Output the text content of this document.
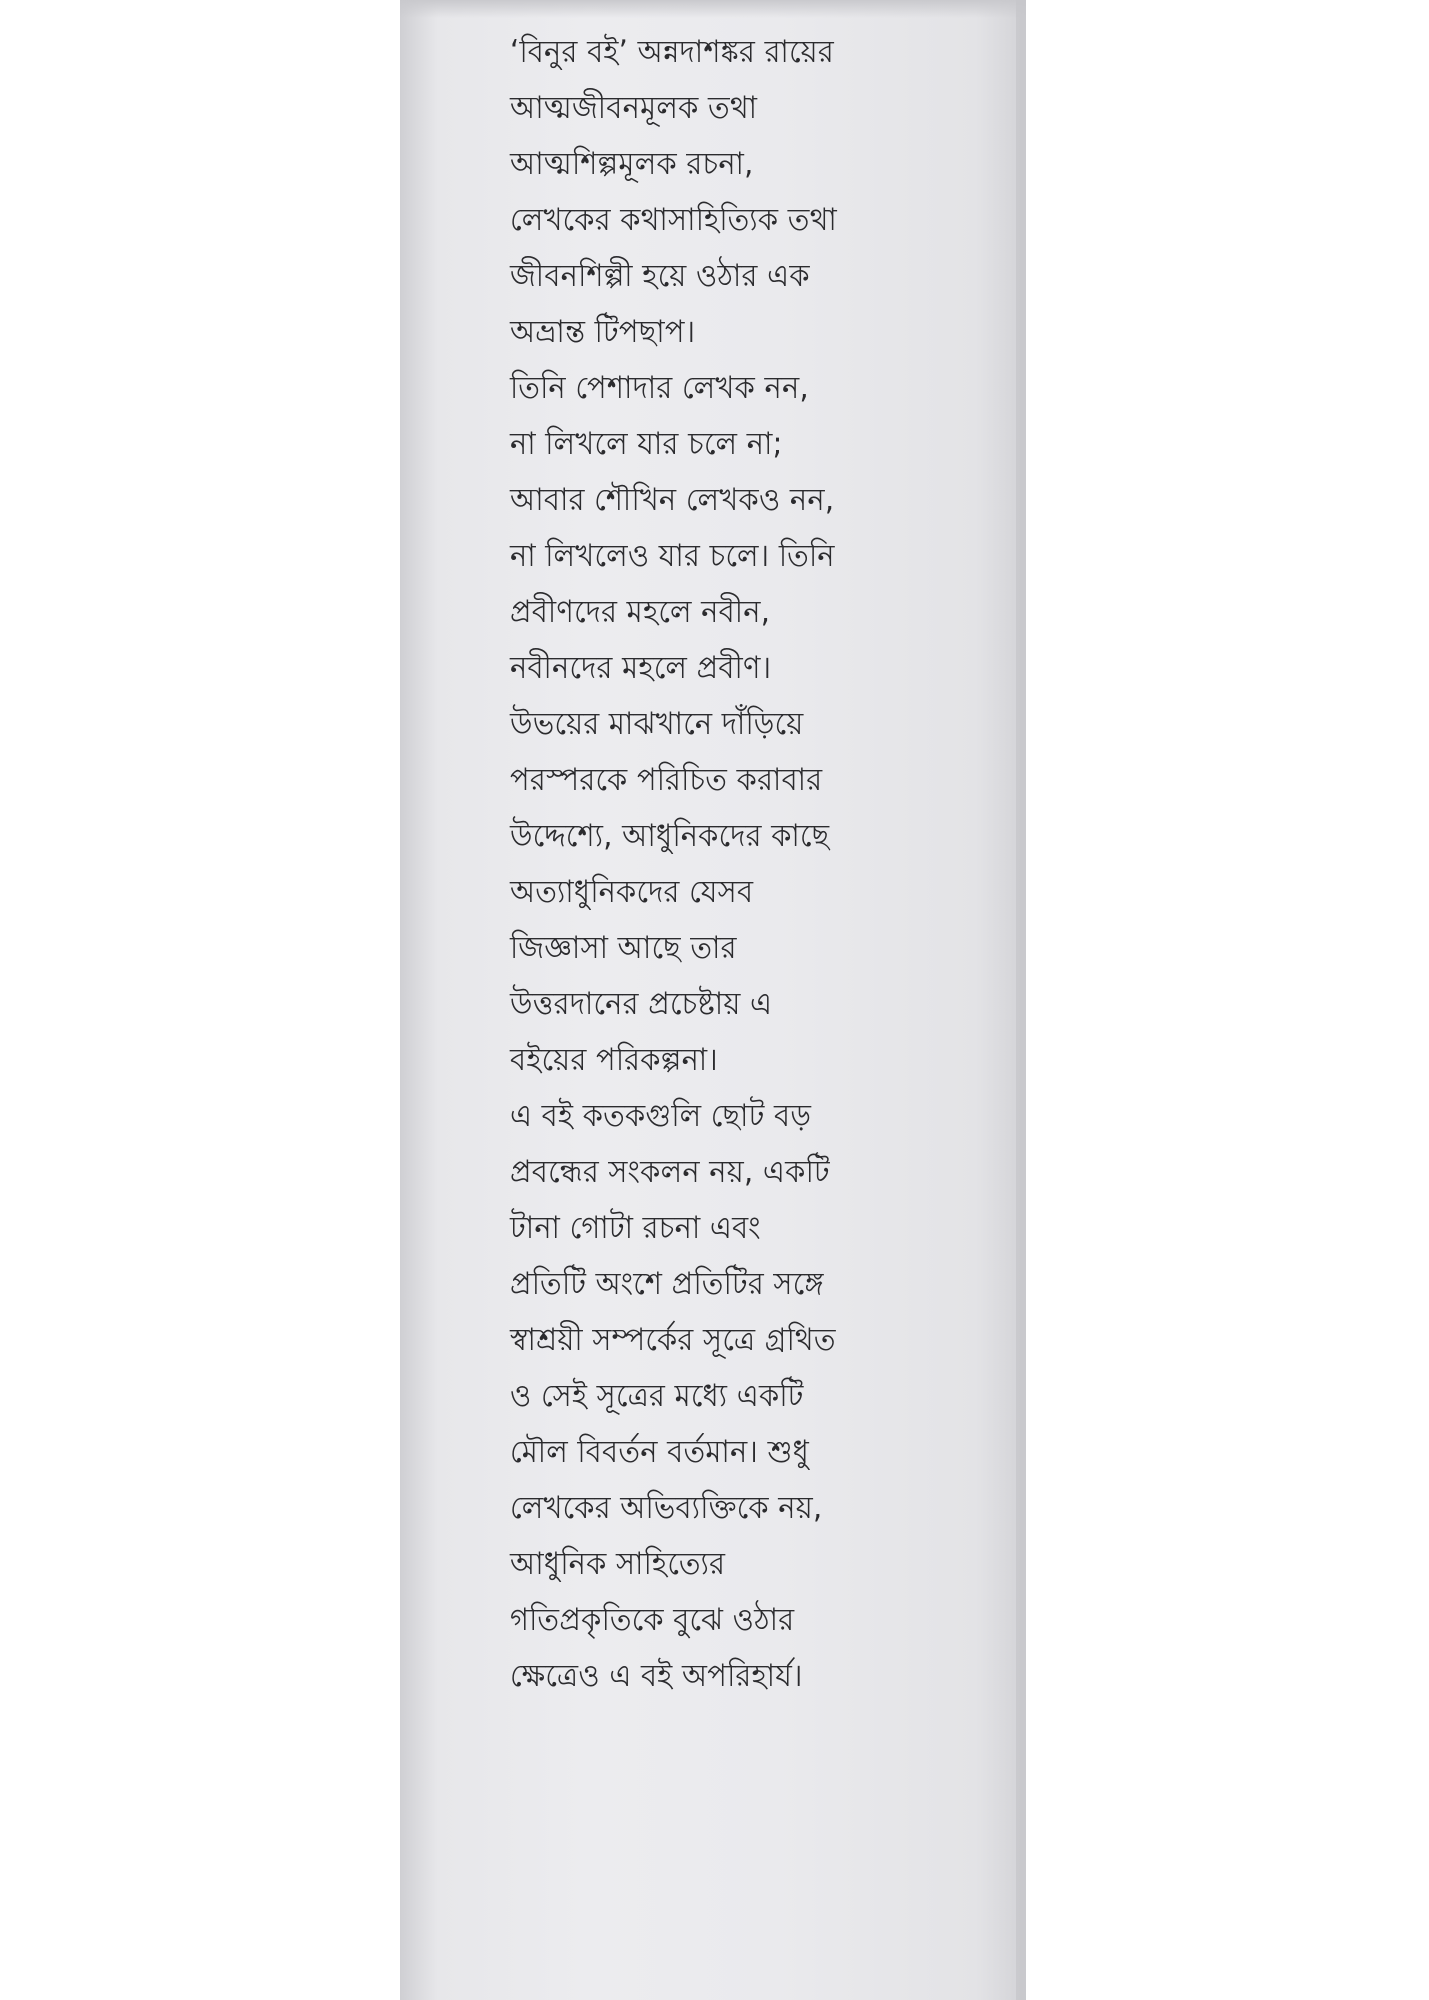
‘বিনুর বই’ অন্নদাশঙ্কর রায়ের
আত্মজীবনমূলক তথা
আত্মশিল্পমূলক রচনা,
লেখকের কথাসাহিত্যিক তথা
জীবনশিল্পী হয়ে ওঠার এক
অভ্রান্ত টিপছাপ।
তিনি পেশাদার লেখক নন,
না লিখলে যার চলে না;
আবার শৌখিন লেখকও নন,
না লিখলেও যার চলে। তিনি
প্রবীণদের মহলে নবীন,
নবীনদের মহলে প্রবীণ।
উভয়ের মাঝখানে দাঁড়িয়ে
পরস্পরকে পরিচিত করাবার
উদ্দেশ্যে, আধুনিকদের কাছে
অত্যাধুনিকদের যেসব
জিজ্ঞাসা আছে তার
উত্তরদানের প্রচেষ্টায় এ
বইয়ের পরিকল্পনা।
এ বই কতকগুলি ছোট বড়
প্রবন্ধের সংকলন নয়, একটি
টানা গোটা রচনা এবং
প্রতিটি অংশে প্রতিটির সঙ্গে
স্বাশ্রয়ী সম্পর্কের সূত্রে গ্রথিত
ও সেই সূত্রের মধ্যে একটি
মৌল বিবর্তন বর্তমান। শুধু
লেখকের অভিব্যক্তিকে নয়,
আধুনিক সাহিত্যের
গতিপ্রকৃতিকে বুঝে ওঠার
ক্ষেত্রেও এ বই অপরিহার্য।
